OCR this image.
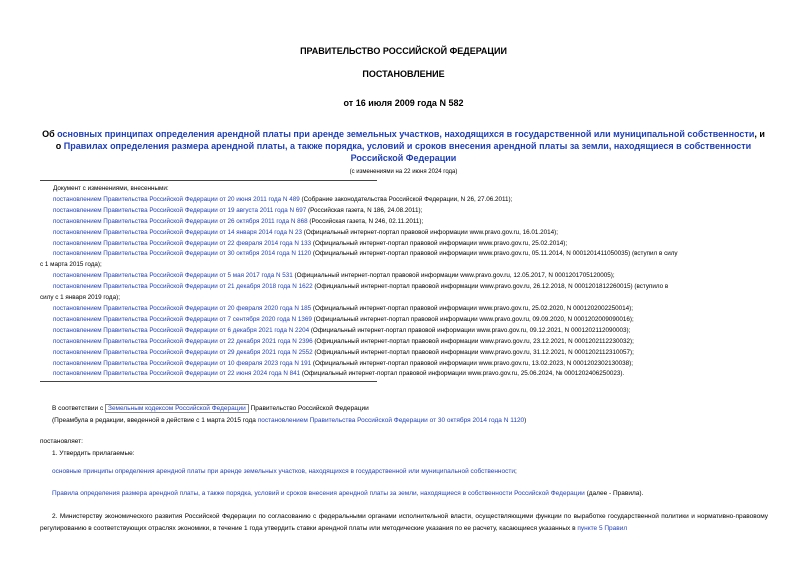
ПРАВИТЕЛЬСТВО РОССИЙСКОЙ ФЕДЕРАЦИИ
ПОСТАНОВЛЕНИЕ
от 16 июля 2009 года N 582
Об основных принципах определения арендной платы при аренде земельных участков, находящихся в государственной или муниципальной собственности, и о Правилах определения размера арендной платы, а также порядка, условий и сроков внесения арендной платы за земли, находящиеся в собственности Российской Федерации
(с изменениями на 22 июня 2024 года)
Документ с изменениями, внесенными:
постановлением Правительства Российской Федерации от 20 июня 2011 года N 489 (Собрание законодательства Российской Федерации, N 26, 27.06.2011);
постановлением Правительства Российской Федерации от 19 августа 2011 года N 697 (Российская газета, N 186, 24.08.2011);
постановлением Правительства Российской Федерации от 26 октября 2011 года N 868 (Российская газета, N 246, 02.11.2011);
постановлением Правительства Российской Федерации от 14 января 2014 года N 23 (Официальный интернет-портал правовой информации www.pravo.gov.ru, 16.01.2014);
постановлением Правительства Российской Федерации от 22 февраля 2014 года N 133 (Официальный интернет-портал правовой информации www.pravo.gov.ru, 25.02.2014);
постановлением Правительства Российской Федерации от 30 октября 2014 года N 1120 (Официальный интернет-портал правовой информации www.pravo.gov.ru, 05.11.2014, N 0001201411050035) (вступил в силу
с 1 марта 2015 года);
постановлением Правительства Российской Федерации от 5 мая 2017 года N 531 (Официальный интернет-портал правовой информации www.pravo.gov.ru, 12.05.2017, N 0001201705120005);
постановлением Правительства Российской Федерации от 21 декабря 2018 года N 1622 (Официальный интернет-портал правовой информации www.pravo.gov.ru, 26.12.2018, N 0001201812260015) (вступило в
силу с 1 января 2019 года);
постановлением Правительства Российской Федерации от 20 февраля 2020 года N 185 (Официальный интернет-портал правовой информации www.pravo.gov.ru, 25.02.2020, N 0001202002250014);
постановлением Правительства Российской Федерации от 7 сентября 2020 года N 1369 (Официальный интернет-портал правовой информации www.pravo.gov.ru, 09.09.2020, N 0001202009090016);
постановлением Правительства Российской Федерации от 6 декабря 2021 года N 2204 (Официальный интернет-портал правовой информации www.pravo.gov.ru, 09.12.2021, N 0001202112090003);
постановлением Правительства Российской Федерации от 22 декабря 2021 года N 2396 (Официальный интернет-портал правовой информации www.pravo.gov.ru, 23.12.2021, N 0001202112230032);
постановлением Правительства Российской Федерации от 29 декабря 2021 года N 2552 (Официальный интернет-портал правовой информации www.pravo.gov.ru, 31.12.2021, N 0001202112310057);
постановлением Правительства Российской Федерации от 10 февраля 2023 года N 191 (Официальный интернет-портал правовой информации www.pravo.gov.ru, 13.02.2023, N 0001202302130038);
постановлением Правительства Российской Федерации от 22 июня 2024 года N 841 (Официальный интернет-портал правовой информации www.pravo.gov.ru, 25.06.2024, № 0001202406250023).
В соответствии с Земельным кодексом Российской Федерации Правительство Российской Федерации
(Преамбула в редакции, введенной в действие с 1 марта 2015 года постановлением Правительства Российской Федерации от 30 октября 2014 года N 1120)
постановляет:
1. Утвердить прилагаемые:
основные принципы определения арендной платы при аренде земельных участков, находящихся в государственной или муниципальной собственности;
Правила определения размера арендной платы, а также порядка, условий и сроков внесения арендной платы за земли, находящиеся в собственности Российской Федерации (далее - Правила).
2. Министерству экономического развития Российской Федерации по согласованию с федеральными органами исполнительной власти, осуществляющими функции по выработке государственной политики и нормативно-правовому регулированию в соответствующих отраслях экономики, в течение 1 года утвердить ставки арендной платы или методические указания по ее расчету, касающиеся указанных в пункте 5 Правил
